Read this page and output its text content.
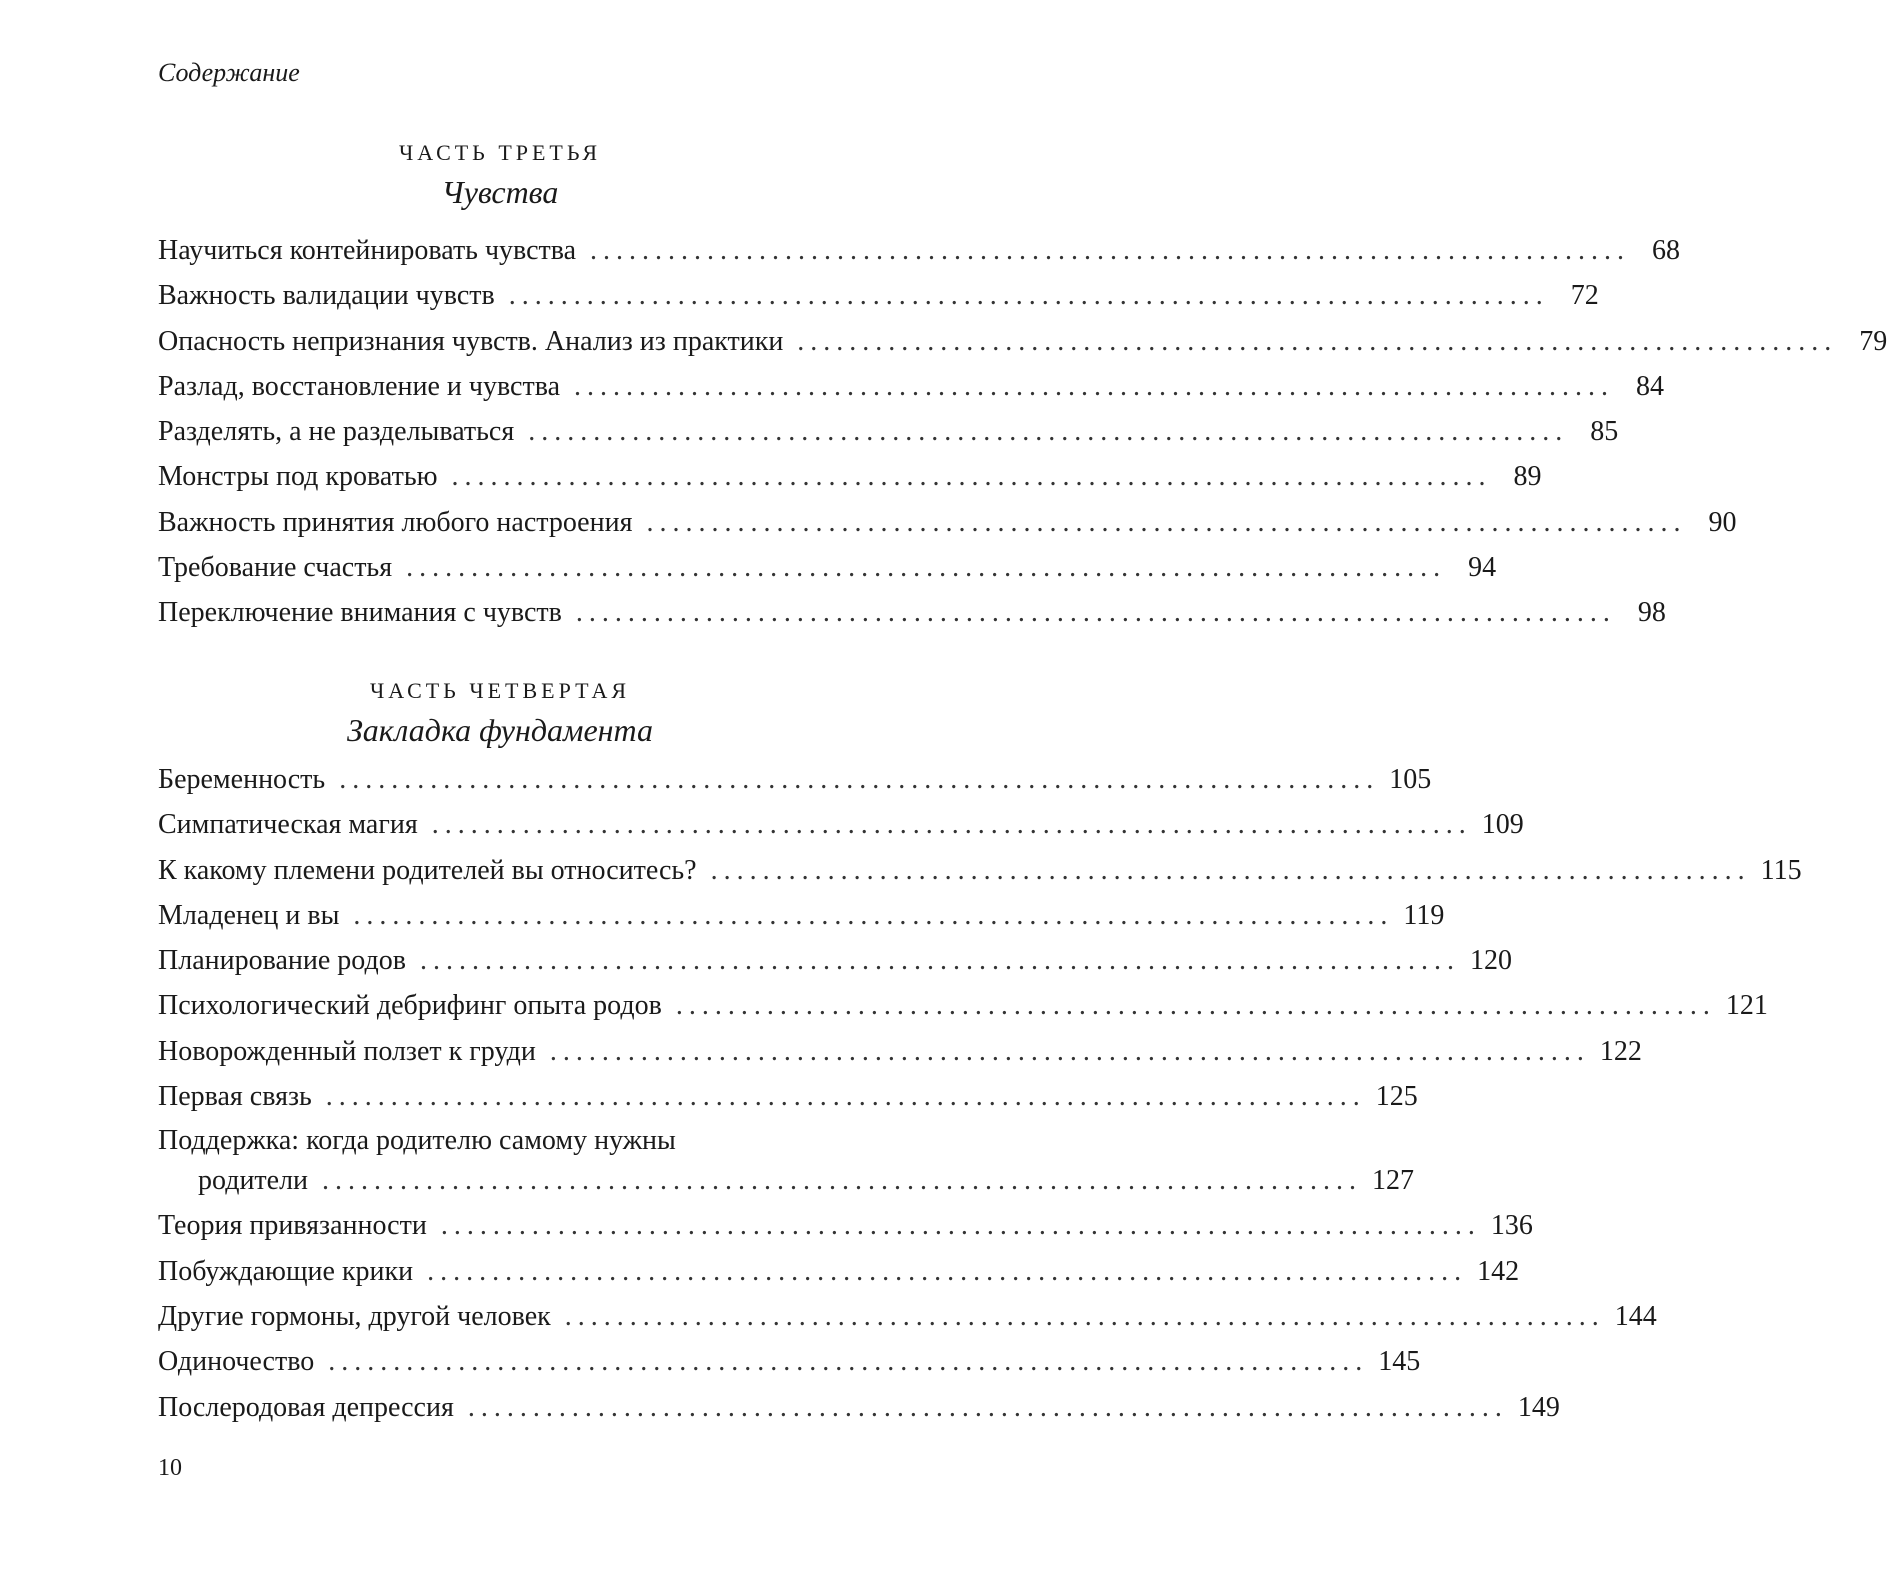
Содержание
ЧАСТЬ ТРЕТЬЯ
Чувства
Научиться контейнировать чувства ................................................................................ 68
Важность валидации чувств ................................................................................ 72
Опасность непризнания чувств. Анализ из практики ................................................................................ 79
Разлад, восстановление и чувства ................................................................................ 84
Разделять, а не разделываться ................................................................................ 85
Монстры под кроватью ................................................................................ 89
Важность принятия любого настроения ................................................................................ 90
Требование счастья ................................................................................ 94
Переключение внимания с чувств ................................................................................ 98
ЧАСТЬ ЧЕТВЕРТАЯ
Закладка фундамента
Беременность ................................................................................ 105
Симпатическая магия ................................................................................ 109
К какому племени родителей вы относитесь? ................................................................................ 115
Младенец и вы ................................................................................ 119
Планирование родов ................................................................................ 120
Психологический дебрифинг опыта родов ................................................................................ 121
Новорожденный ползет к груди ................................................................................ 122
Первая связь ................................................................................ 125
Поддержка: когда родителю самому нужны
родители ................................................................................ 127
Теория привязанности ................................................................................ 136
Побуждающие крики ................................................................................ 142
Другие гормоны, другой человек ................................................................................ 144
Одиночество ................................................................................ 145
Послеродовая депрессия ................................................................................ 149
10
